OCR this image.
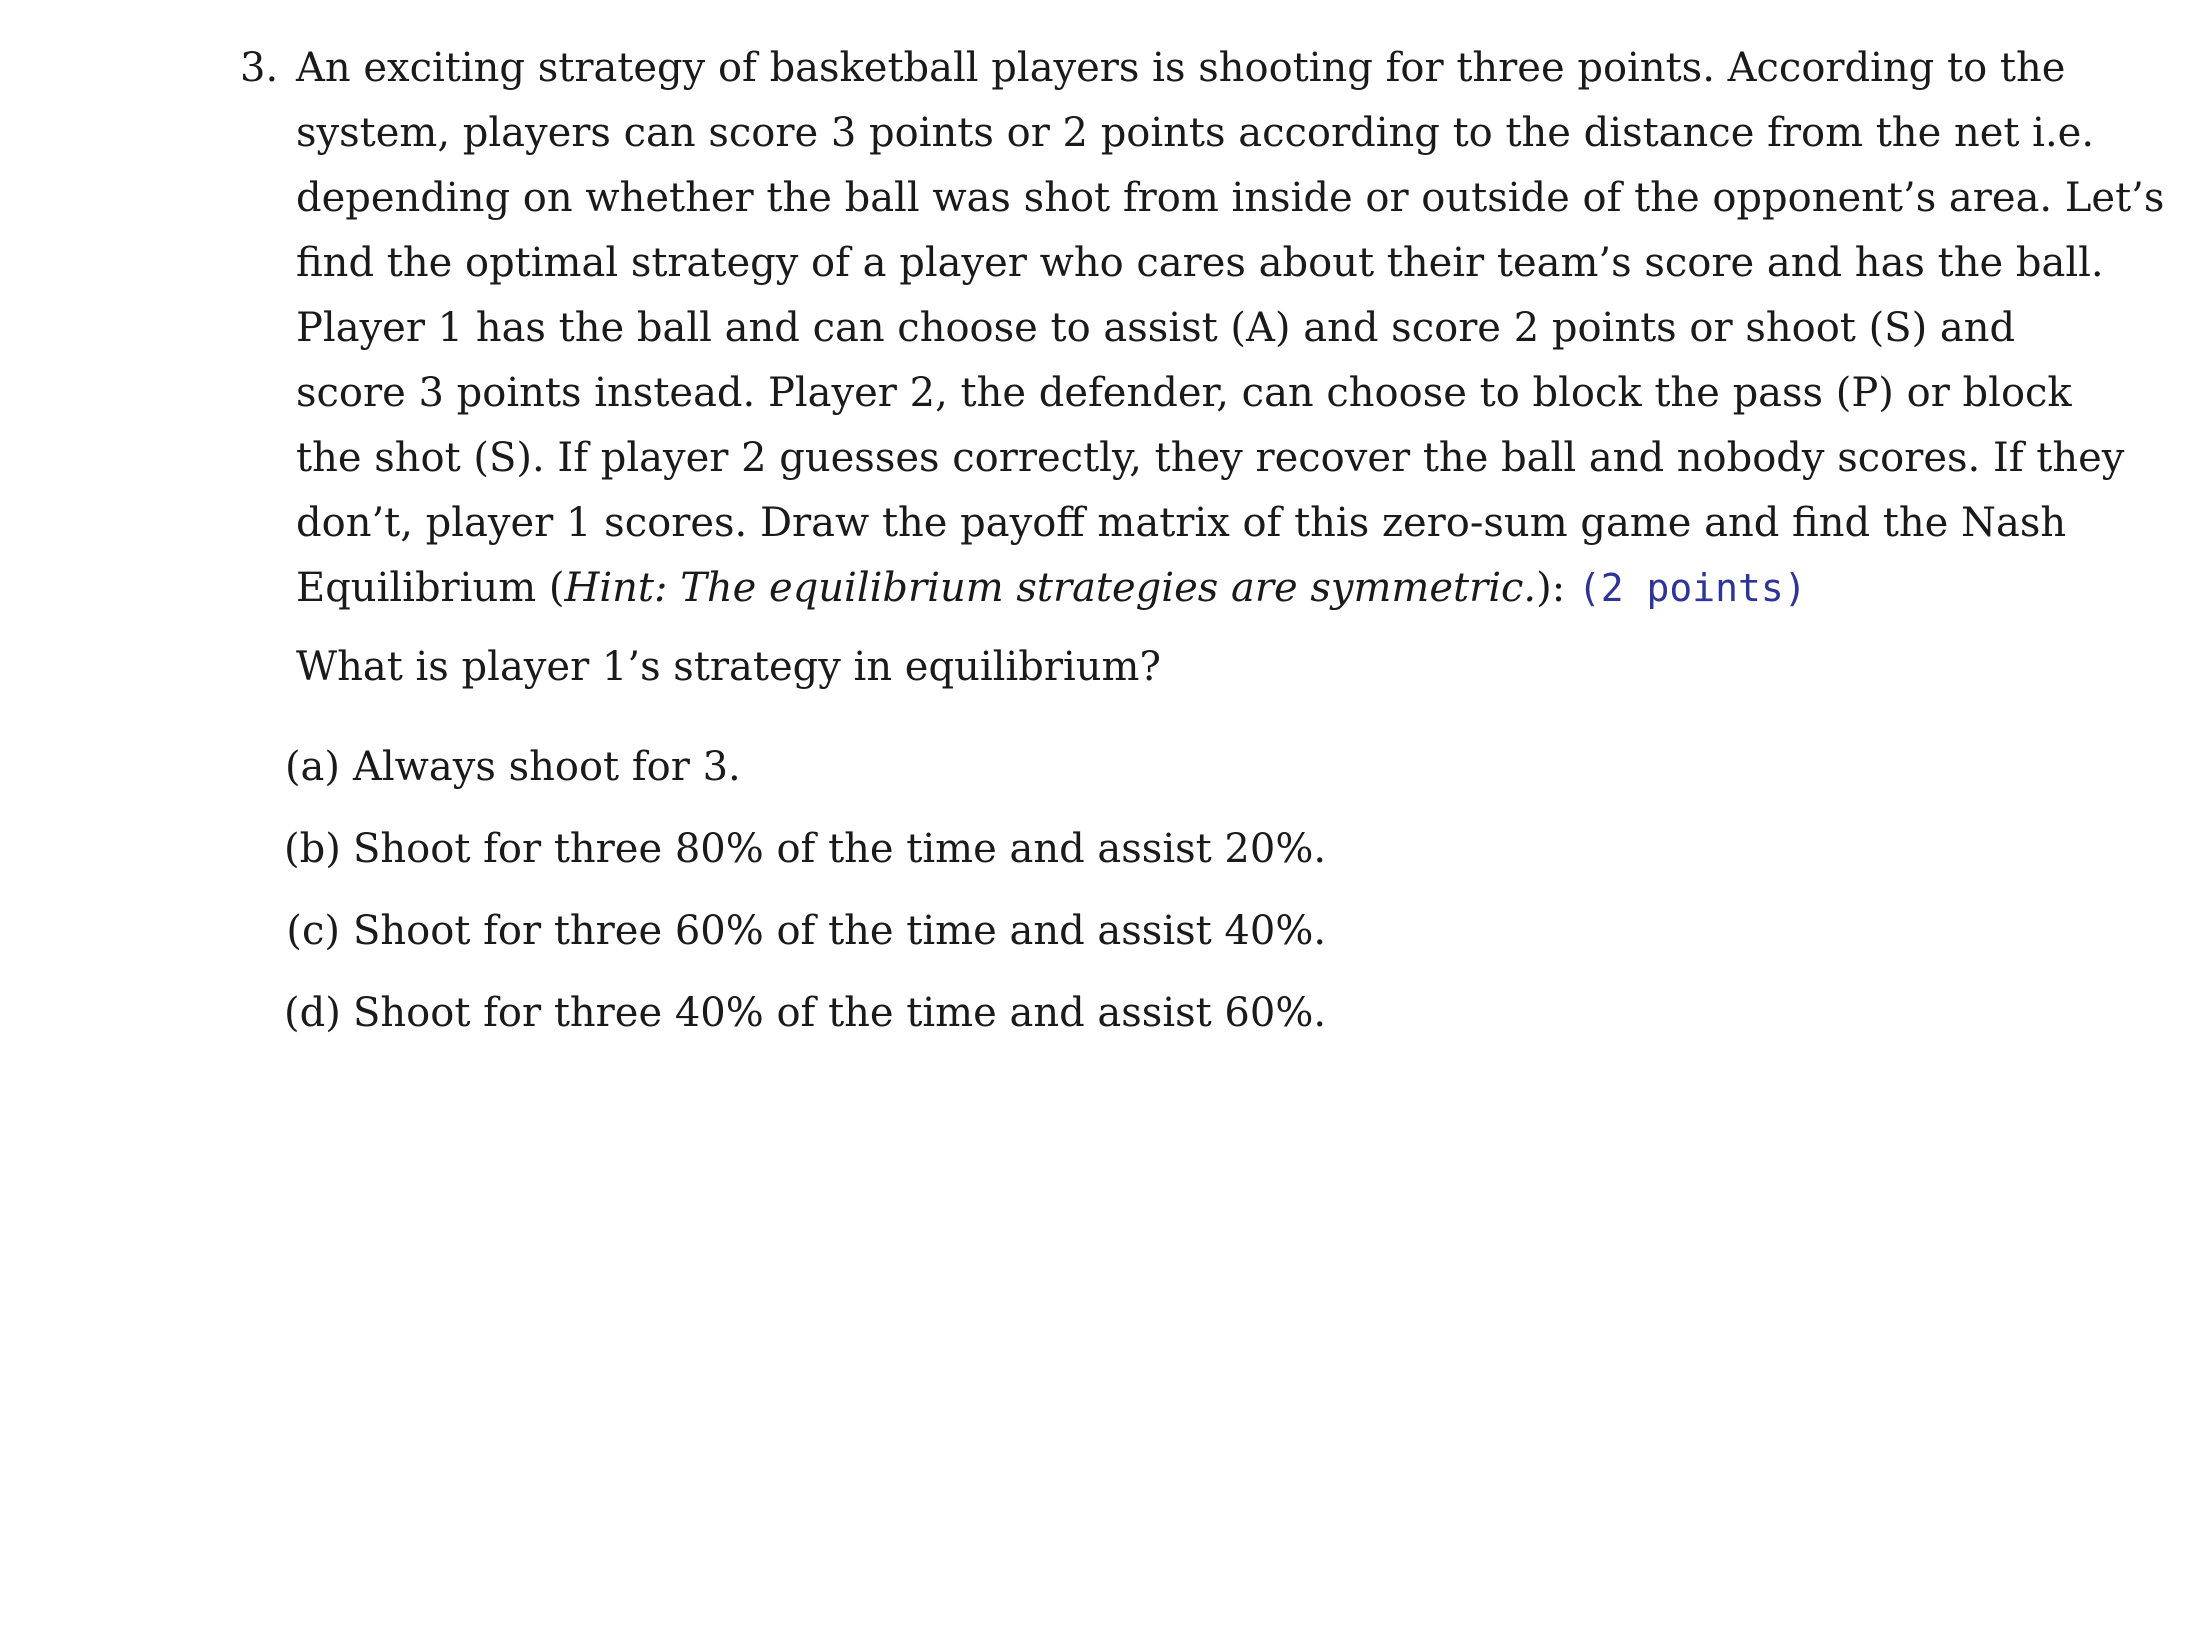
3. An exciting strategy of basketball players is shooting for three points. According to the
system, players can score 3 points or 2 points according to the distance from the net i.e.
depending on whether the ball was shot from inside or outside of the opponent’s area. Let’s
find the optimal strategy of a player who cares about their team’s score and has the ball.
Player 1 has the ball and can choose to assist (A) and score 2 points or shoot (S) and
score 3 points instead. Player 2, the defender, can choose to block the pass (P) or block
the shot (S). If player 2 guesses correctly, they recover the ball and nobody scores. If they
don’t, player 1 scores. Draw the payoff matrix of this zero-sum game and find the Nash
Equilibrium (Hint: The equilibrium strategies are symmetric.): (2 points)
What is player 1’s strategy in equilibrium?
(a) Always shoot for 3.
(b) Shoot for three 80% of the time and assist 20%.
(c) Shoot for three 60% of the time and assist 40%.
(d) Shoot for three 40% of the time and assist 60%.
